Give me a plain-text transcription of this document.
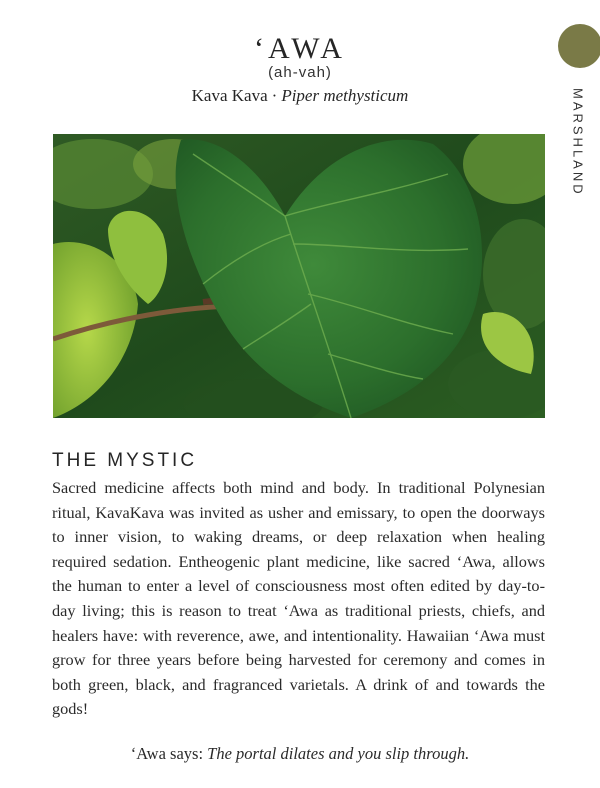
‘AWA
(ah-vah)
Kava Kava · Piper methysticum	MARSHLAND
THE MYSTIC
Sacred medicine affects both mind and body. In traditional Polynesian ritual, KavaKava was invited as usher and emissary, to open the doorways to inner vision, to waking dreams, or deep relaxation when healing required sedation. Entheogenic plant medicine, like sacred ‘Awa, allows the human to enter a level of consciousness most often edited by day-to-day living; this is reason to treat ‘Awa as traditional priests, chiefs, and healers have: with reverence, awe, and intentionality. Hawaiian ‘Awa must grow for three years before being harvested for ceremony and comes in both green, black, and fragranced varietals. A drink of and towards the gods!
‘Awa says: The portal dilates and you slip through.
